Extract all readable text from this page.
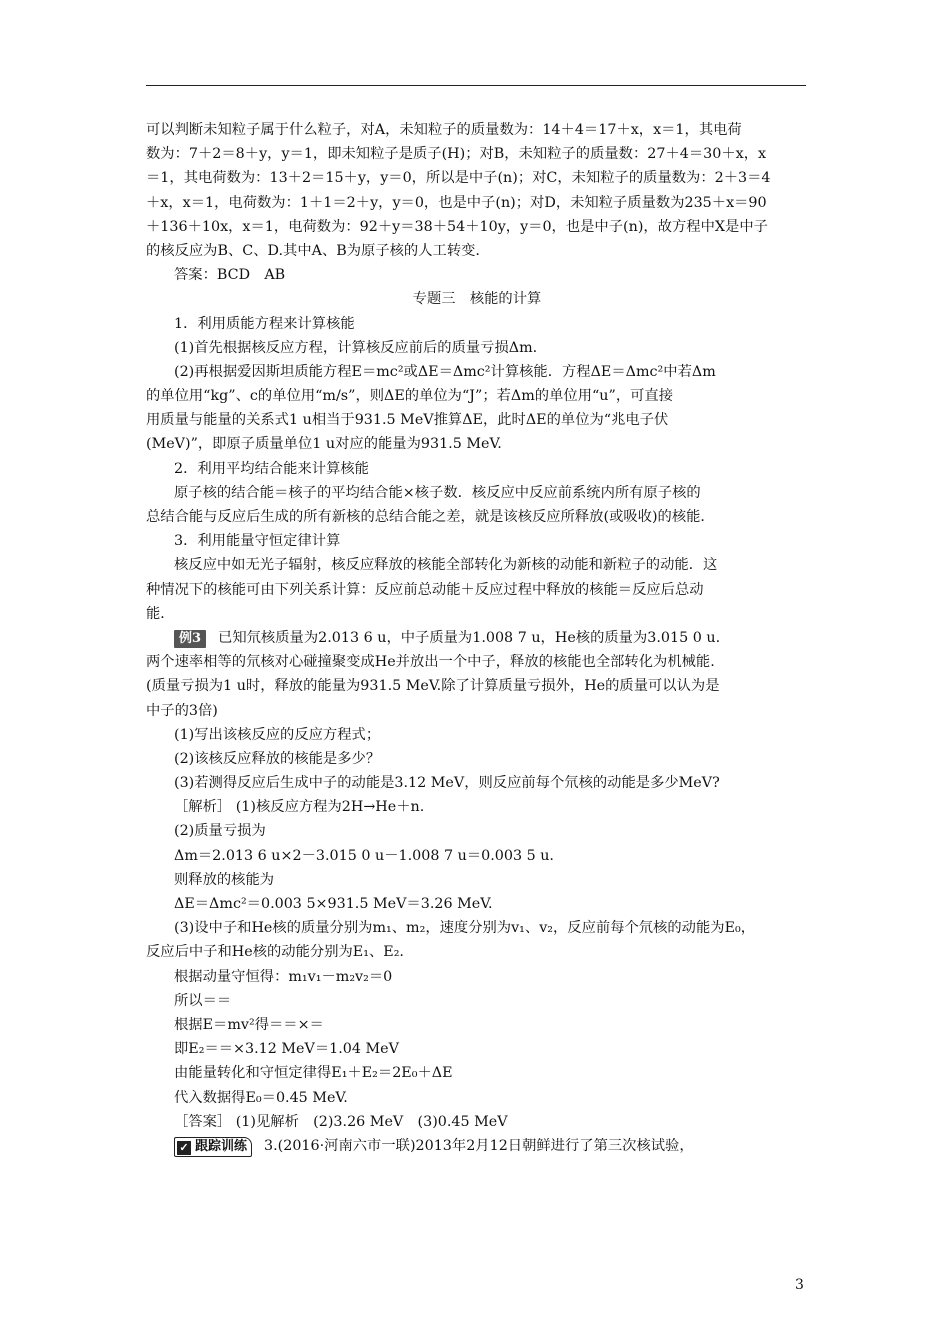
可以判断未知粒子属于什么粒子，对A，未知粒子的质量数为：14＋4＝17＋x，x＝1，其电荷
数为：7＋2＝8＋y，y＝1，即未知粒子是质子(H)；对B，未知粒子的质量数：27＋4＝30＋x，x
＝1，其电荷数为：13＋2＝15＋y，y＝0，所以是中子(n)；对C，未知粒子的质量数为：2＋3＝4
＋x，x＝1，电荷数为：1＋1＝2＋y，y＝0，也是中子(n)；对D，未知粒子质量数为235＋x＝90
＋136＋10x，x＝1，电荷数为：92＋y＝38＋54＋10y，y＝0，也是中子(n)，故方程中X是中子
的核反应为B、C、D.其中A、B为原子核的人工转变.
答案：BCD　AB
专题三　核能的计算
1．利用质能方程来计算核能
(1)首先根据核反应方程，计算核反应前后的质量亏损Δm.
(2)再根据爱因斯坦质能方程E＝mc²或ΔE＝Δmc²计算核能．方程ΔE＝Δmc²中若Δm
的单位用“kg”、c的单位用“m/s”，则ΔE的单位为“J”；若Δm的单位用“u”，可直接
用质量与能量的关系式1 u相当于931.5 MeV推算ΔE，此时ΔE的单位为“兆电子伏
(MeV)”，即原子质量单位1 u对应的能量为931.5 MeV.
2．利用平均结合能来计算核能
原子核的结合能＝核子的平均结合能×核子数．核反应中反应前系统内所有原子核的
总结合能与反应后生成的所有新核的总结合能之差，就是该核反应所释放(或吸收)的核能．
3．利用能量守恒定律计算
核反应中如无光子辐射，核反应释放的核能全部转化为新核的动能和新粒子的动能．这
种情况下的核能可由下列关系计算：反应前总动能＋反应过程中释放的核能＝反应后总动
能．
例3 已知氘核质量为2.013 6 u，中子质量为1.008 7 u，He核的质量为3.015 0 u.
两个速率相等的氘核对心碰撞聚变成He并放出一个中子，释放的核能也全部转化为机械能.
(质量亏损为1 u时，释放的能量为931.5 MeV.除了计算质量亏损外，He的质量可以认为是
中子的3倍)
(1)写出该核反应的反应方程式；
(2)该核反应释放的核能是多少？
(3)若测得反应后生成中子的动能是3.12 MeV，则反应前每个氘核的动能是多少MeV?
［解析］ (1)核反应方程为2H→He＋n.
(2)质量亏损为
Δm＝2.013 6 u×2－3.015 0 u－1.008 7 u＝0.003 5 u.
则释放的核能为
ΔE＝Δmc²＝0.003 5×931.5 MeV＝3.26 MeV.
(3)设中子和He核的质量分别为m₁、m₂，速度分别为v₁、v₂，反应前每个氘核的动能为E₀，
反应后中子和He核的动能分别为E₁、E₂.
根据动量守恒得：m₁v₁－m₂v₂＝0
所以＝＝
根据E＝mv²得＝＝×＝
即E₂＝＝×3.12 MeV＝1.04 MeV
由能量转化和守恒定律得E₁＋E₂＝2E₀＋ΔE
代入数据得E₀＝0.45 MeV.
［答案］ (1)见解析　(2)3.26 MeV　(3)0.45 MeV
✓ 跟踪训练 3.(2016·河南六市一联)2013年2月12日朝鲜进行了第三次核试验，
3
